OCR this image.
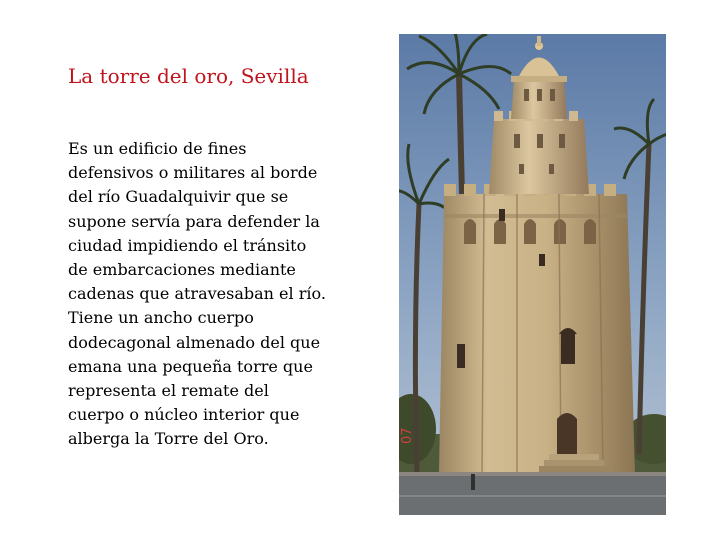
La torre del oro, Sevilla
Es un edificio de fines
defensivos o militares al borde
del río Guadalquivir que se
supone servía para defender la
ciudad impidiendo el tránsito
de embarcaciones mediante
cadenas que atravesaban el río.
Tiene un ancho cuerpo
dodecagonal almenado del que
emana una pequeña torre que
representa el remate del
cuerpo o núcleo interior que
alberga la Torre del Oro.	07
